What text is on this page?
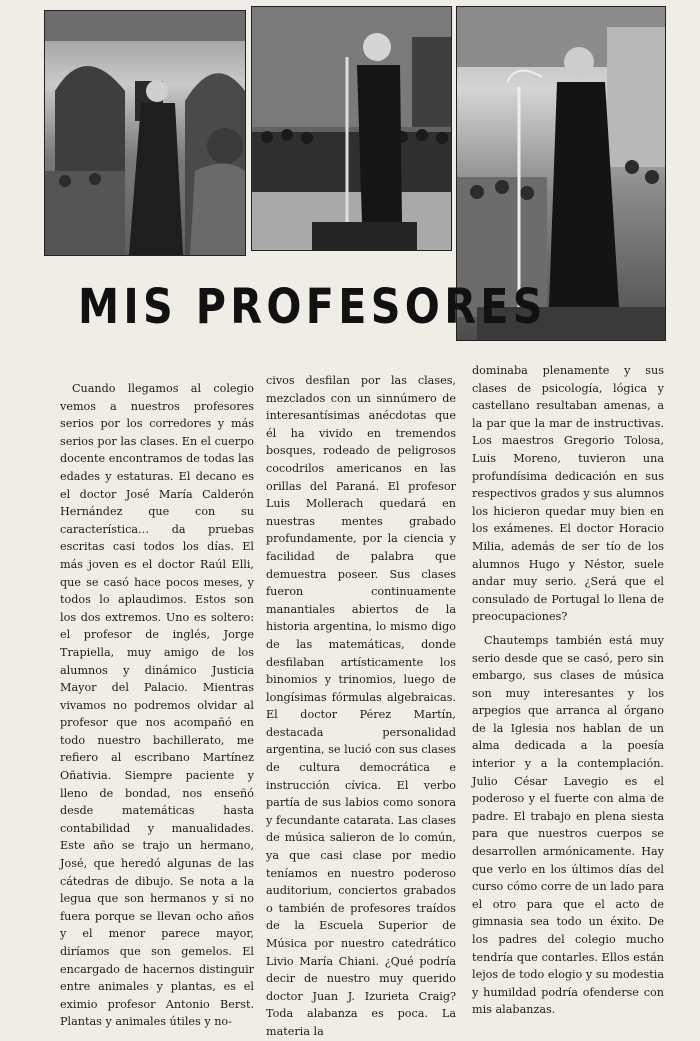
MIS PROFESORES

Cuando llegamos al colegio vemos a nuestros profesores serios por los corredores y más serios por las clases. En el cuerpo docente encontramos de todas las edades y estaturas. El decano es el doctor José María Calderón Hernández que con su característica… da pruebas escritas casi todos los días. El más joven es el doctor Raúl Elli, que se casó hace pocos meses, y todos lo aplaudimos. Estos son los dos extremos. Uno es soltero: el profesor de inglés, Jorge Trapiella, muy amigo de los alumnos y dinámico Justicia Mayor del Palacio. Mientras vivamos no podremos olvidar al profesor que nos acompañó en todo nuestro bachillerato, me refiero al escribano Martínez Oñativia. Siempre paciente y lleno de bondad, nos enseñó desde matemáticas hasta contabilidad y manualidades. Este año se trajo un hermano, José, que heredó algunas de las cátedras de dibujo. Se nota a la legua que son hermanos y si no fuera porque se llevan ocho años y el menor parece mayor, diríamos que son gemelos. El encargado de hacernos distinguir entre animales y plantas, es el eximio profesor Antonio Berst. Plantas y animales útiles y no-

civos desfilan por las clases, mezclados con un sinnúmero de interesantísimas anécdotas que él ha vivido en tremendos bosques, rodeado de peligrosos cocodrilos americanos en las orillas del Paraná. El profesor Luis Mollerach quedará en nuestras mentes grabado profundamente, por la ciencia y facilidad de palabra que demuestra poseer. Sus clases fueron continuamente manantiales abiertos de la historia argentina, lo mismo digo de las matemáticas, donde desfilaban artísticamente los binomios y trinomios, luego de longísimas fórmulas algebraicas. El doctor Pérez Martín, destacada personalidad argentina, se lució con sus clases de cultura democrática e instrucción cívica. El verbo partía de sus labios como sonora y fecundante catarata. Las clases de música salieron de lo común, ya que casi clase por medio teníamos en nuestro poderoso auditorium, conciertos grabados o también de profesores traídos de la Escuela Superior de Música por nuestro catedrático Livio María Chiani. ¿Qué podría decir de nuestro muy querido doctor Juan J. Izurieta Craig? Toda alabanza es poca. La materia la

dominaba plenamente y sus clases de psicología, lógica y castellano resultaban amenas, a la par que la mar de instructivas. Los maestros Gregorio Tolosa, Luis Moreno, tuvieron una profundísima dedicación en sus respectivos grados y sus alumnos los hicieron quedar muy bien en los exámenes. El doctor Horacio Milia, además de ser tío de los alumnos Hugo y Néstor, suele andar muy serio. ¿Será que el consulado de Portugal lo llena de preocupaciones?

Chautemps también está muy serio desde que se casó, pero sin embargo, sus clases de música son muy interesantes y los arpegios que arranca al órgano de la Iglesia nos hablan de un alma dedicada a la poesía interior y a la contemplación. Julio César Lavegio es el poderoso y el fuerte con alma de padre. El trabajo en plena siesta para que nuestros cuerpos se desarrollen armónicamente. Hay que verlo en los últimos días del curso cómo corre de un lado para el otro para que el acto de gimnasia sea todo un éxito. De los padres del colegio mucho tendría que contarles. Ellos están lejos de todo elogio y su modestia y humildad podría ofenderse con mis alabanzas.
